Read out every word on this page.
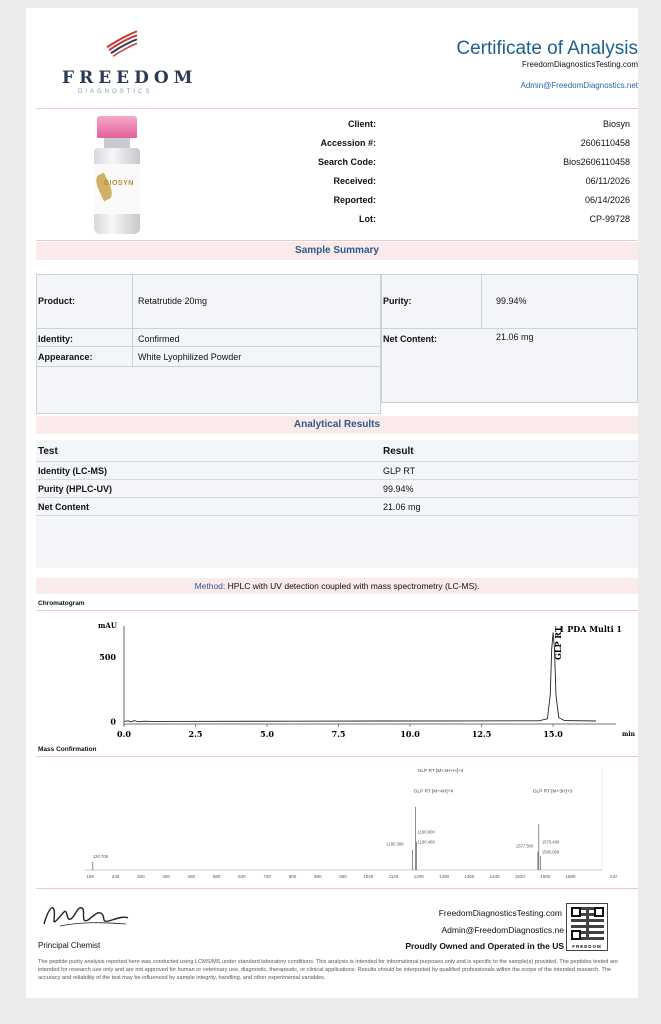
FREEDOM
DIAGNOSTICS
Certificate of Analysis
FreedomDiagnosticsTesting.com
Admin@FreedomDiagnostics.net
BIOSYN
Client:	Biosyn
Accession #:	2606110458
Search Code:	Bios2606110458
Received:	06/11/2026
Reported:	06/14/2026
Lot:	CP-99728
Sample Summary
Product:	Retatrutide 20mg
Identity:	Confirmed
Appearance:	White Lyophilized Powder
Purity:	99.94%
Net Content:	21.06 mg
Analytical Results
Test	Result
Identity (LC-MS)	GLP RT
Purity (HPLC-UV)	99.94%
Net Content	21.06 mg
Method: HPLC with UV detection coupled with mass spectrometry (LC-MS).
Chromatogram
mAU
min
0.0	2.5	5.0	7.5	10.0	12.5	15.0
0
500
1 PDA Multi 1
GLP RT
Mass Confirmation
160	240	320	400	480	560	640	720	800	880	960	1040	1120	1200	1280	1360	1440	1520	1600	1680	m/z
GLP RT [M+3H+H]+4
GLP RT [M+4H]+4	GLP RT [M+3H]+3
120.708
1180.308
1190.900
1190.480
1577.500
1576.490
1585.008
Principal Chemist
FreedomDiagnosticsTesting.com
Admin@FreedomDiagnostics.ne
Proudly Owned and Operated in the US	FREEDOM
The peptide purity analysis reported here was conducted using LCMS/MS under standard laboratory conditions. This analysis is intended for informational purposes only and is specific to the sample(s) provided. The peptides tested are intended for research use only and are not approved for human or veterinary use, diagnostic, therapeutic, or clinical applications. Results should be interpreted by qualified professionals within the scope of the intended research. The accuracy and reliability of the test may be influenced by sample integrity, handling, and other experimental variables.
